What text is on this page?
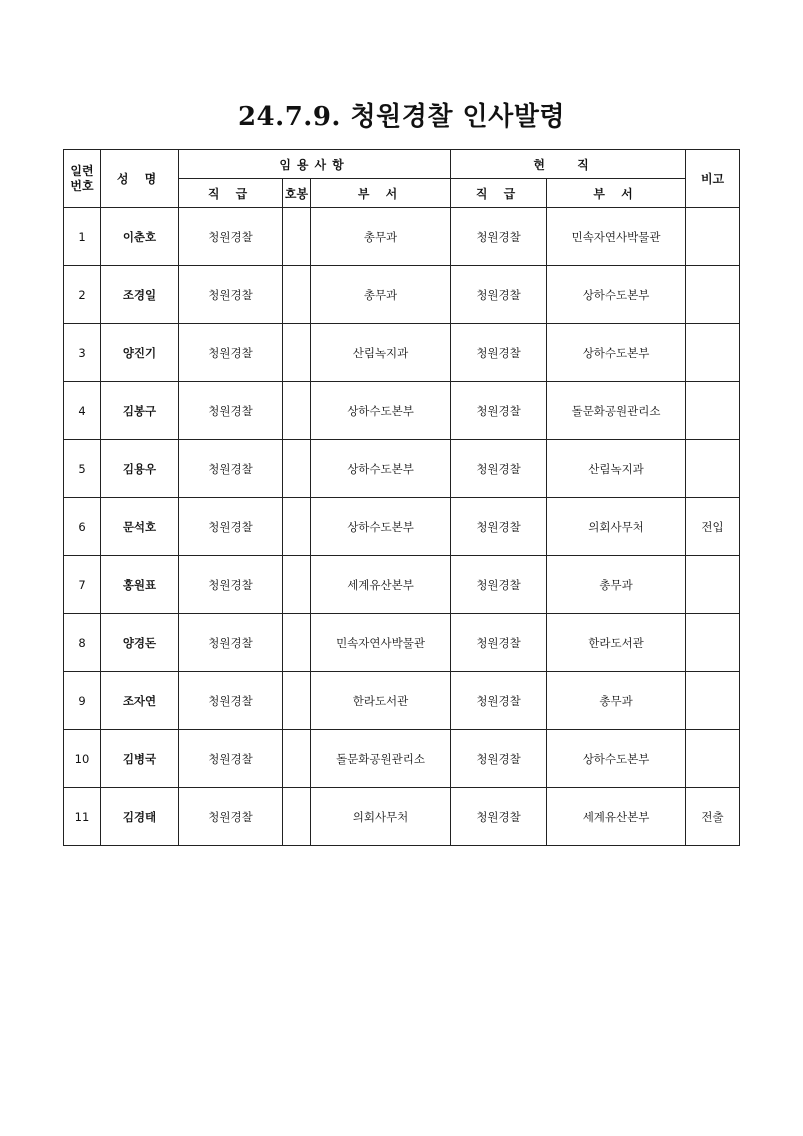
24.7.9. 청원경찰 인사발령
일련
번호	성 명	임용사항			현 직		비고
		직 급	호봉	부 서	직 급	부 서	
1	이춘호	청원경찰		총무과	청원경찰	민속자연사박물관	
2	조경일	청원경찰		총무과	청원경찰	상하수도본부	
3	양진기	청원경찰		산림녹지과	청원경찰	상하수도본부	
4	김봉구	청원경찰		상하수도본부	청원경찰	돌문화공원관리소	
5	김용우	청원경찰		상하수도본부	청원경찰	산림녹지과	
6	문석호	청원경찰		상하수도본부	청원경찰	의회사무처	전입
7	홍원표	청원경찰		세계유산본부	청원경찰	총무과	
8	양경돈	청원경찰		민속자연사박물관	청원경찰	한라도서관	
9	조자연	청원경찰		한라도서관	청원경찰	총무과	
10	김병국	청원경찰		돌문화공원관리소	청원경찰	상하수도본부	
11	김경태	청원경찰		의회사무처	청원경찰	세계유산본부	전출
